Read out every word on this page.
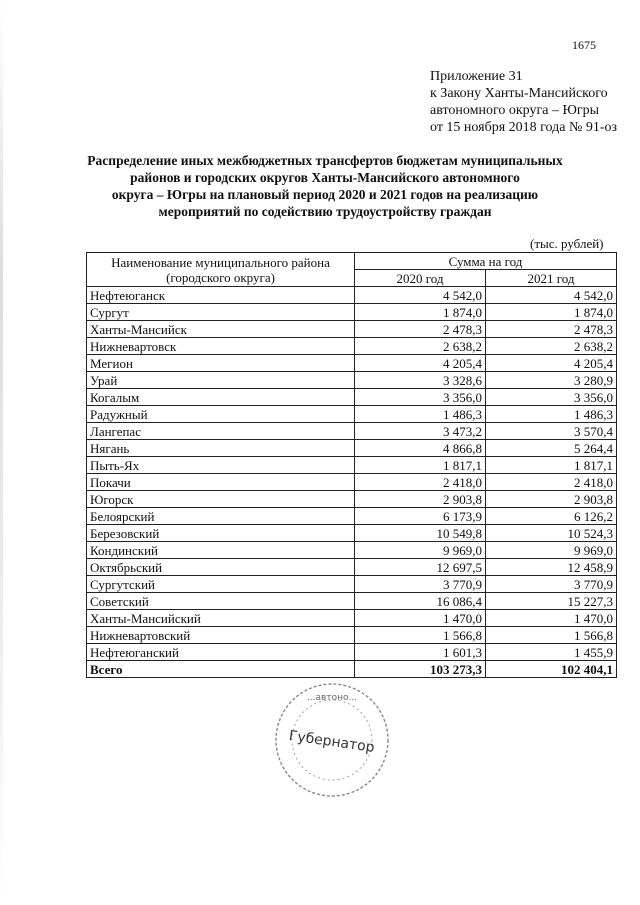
1675
Приложение 31
к Закону Ханты-Мансийского
автономного округа – Югры
от 15 ноября 2018 года № 91-оз
Распределение иных межбюджетных трансфертов бюджетам муниципальных
районов и городских округов Ханты-Мансийского автономного
округа – Югры на плановый период 2020 и 2021 годов на реализацию
мероприятий по содействию трудоустройству граждан
(тыс. рублей)
Наименование муниципального района
(городского округа)	Сумма на год	
	2020 год	2021 год
Нефтеюганск	4 542,0	4 542,0
Сургут	1 874,0	1 874,0
Ханты-Мансийск	2 478,3	2 478,3
Нижневартовск	2 638,2	2 638,2
Мегион	4 205,4	4 205,4
Урай	3 328,6	3 280,9
Когалым	3 356,0	3 356,0
Радужный	1 486,3	1 486,3
Лангепас	3 473,2	3 570,4
Нягань	4 866,8	5 264,4
Пыть-Ях	1 817,1	1 817,1
Покачи	2 418,0	2 418,0
Югорск	2 903,8	2 903,8
Белоярский	6 173,9	6 126,2
Березовский	10 549,8	10 524,3
Кондинский	9 969,0	9 969,0
Октябрьский	12 697,5	12 458,9
Сургутский	3 770,9	3 770,9
Советский	16 086,4	15 227,3
Ханты-Мансийский	1 470,0	1 470,0
Нижневартовский	1 566,8	1 566,8
Нефтеюганский	1 601,3	1 455,9
Всего	103 273,3	102 404,1
...автоно...
Губернатор
